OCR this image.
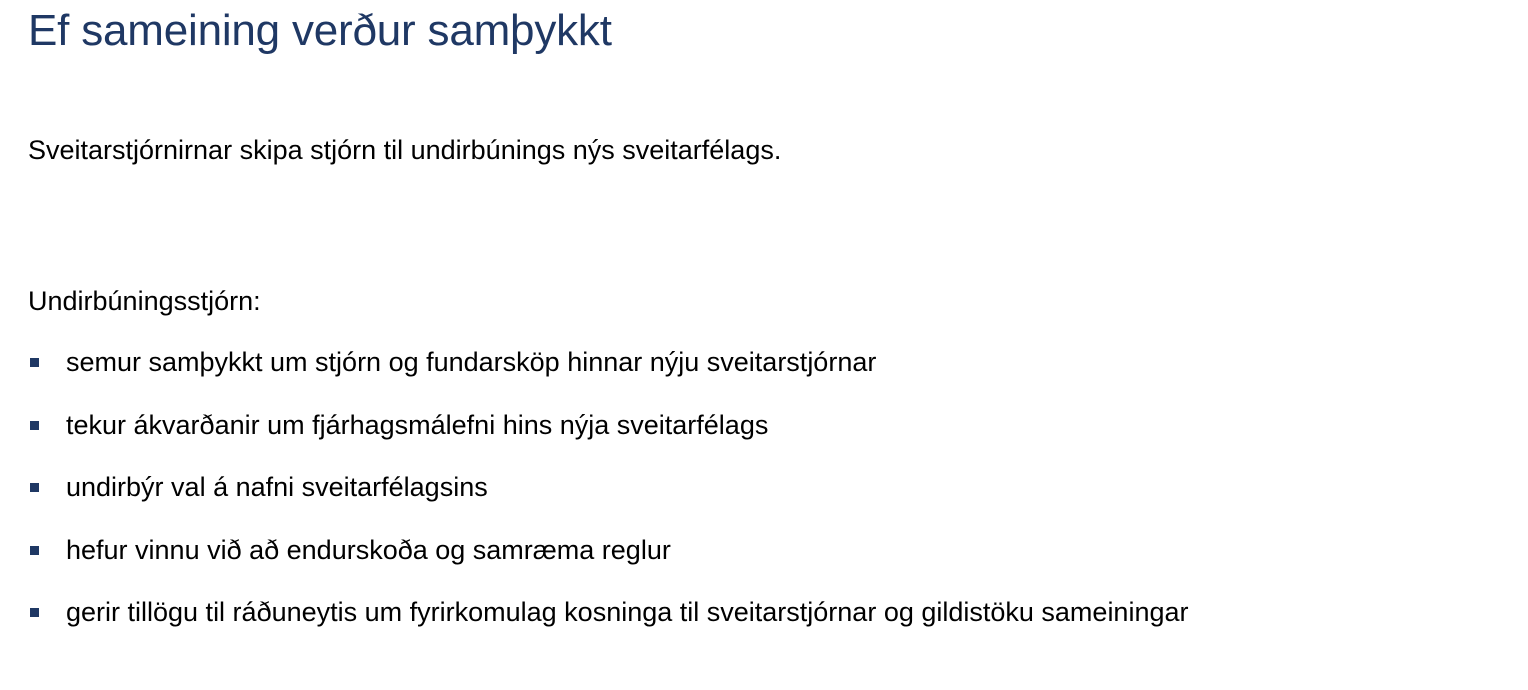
Ef sameining verður samþykkt

Sveitarstjórnirnar skipa stjórn til undirbúnings nýs sveitarfélags.

Undirbúningsstjórn:

semur samþykkt um stjórn og fundarsköp hinnar nýju sveitarstjórnar
tekur ákvarðanir um fjárhagsmálefni hins nýja sveitarfélags
undirbýr val á nafni sveitarfélagsins
hefur vinnu við að endurskoða og samræma reglur
gerir tillögu til ráðuneytis um fyrirkomulag kosninga til sveitarstjórnar og gildistöku sameiningar
